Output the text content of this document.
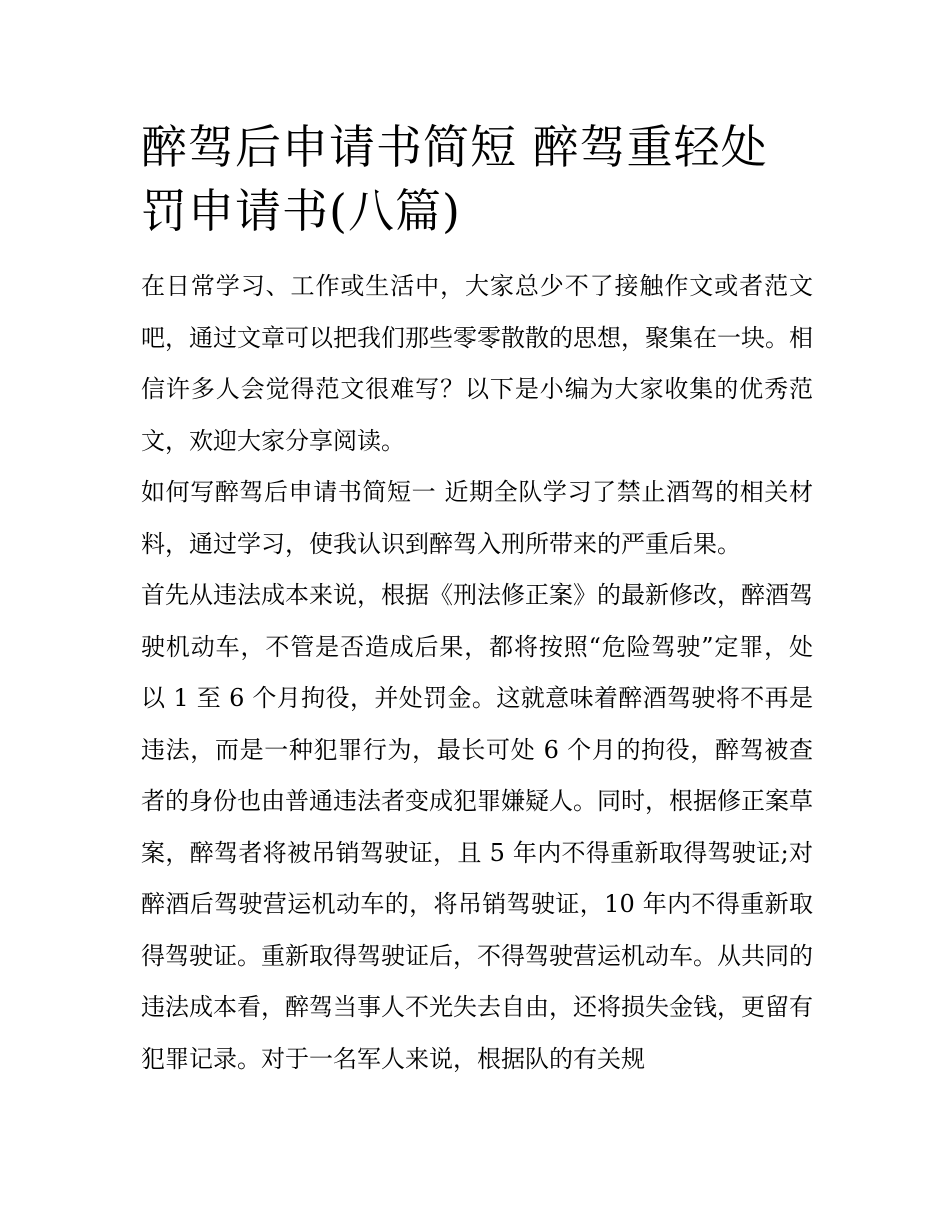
醉驾后申请书简短 醉驾重轻处罚申请书(八篇)

在日常学习、工作或生活中，大家总少不了接触作文或者范文吧，通过文章可以把我们那些零零散散的思想，聚集在一块。相信许多人会觉得范文很难写？以下是小编为大家收集的优秀范文，欢迎大家分享阅读。

如何写醉驾后申请书简短一 近期全队学习了禁止酒驾的相关材料，通过学习，使我认识到醉驾入刑所带来的严重后果。

首先从违法成本来说，根据《刑法修正案》的最新修改，醉酒驾驶机动车，不管是否造成后果，都将按照“危险驾驶”定罪，处以 1 至 6 个月拘役，并处罚金。这就意味着醉酒驾驶将不再是违法，而是一种犯罪行为，最长可处 6 个月的拘役，醉驾被查者的身份也由普通违法者变成犯罪嫌疑人。同时，根据修正案草案，醉驾者将被吊销驾驶证，且 5 年内不得重新取得驾驶证;对醉酒后驾驶营运机动车的，将吊销驾驶证，10 年内不得重新取得驾驶证。重新取得驾驶证后，不得驾驶营运机动车。从共同的违法成本看，醉驾当事人不光失去自由，还将损失金钱，更留有犯罪记录。对于一名军人来说，根据队的有关规
